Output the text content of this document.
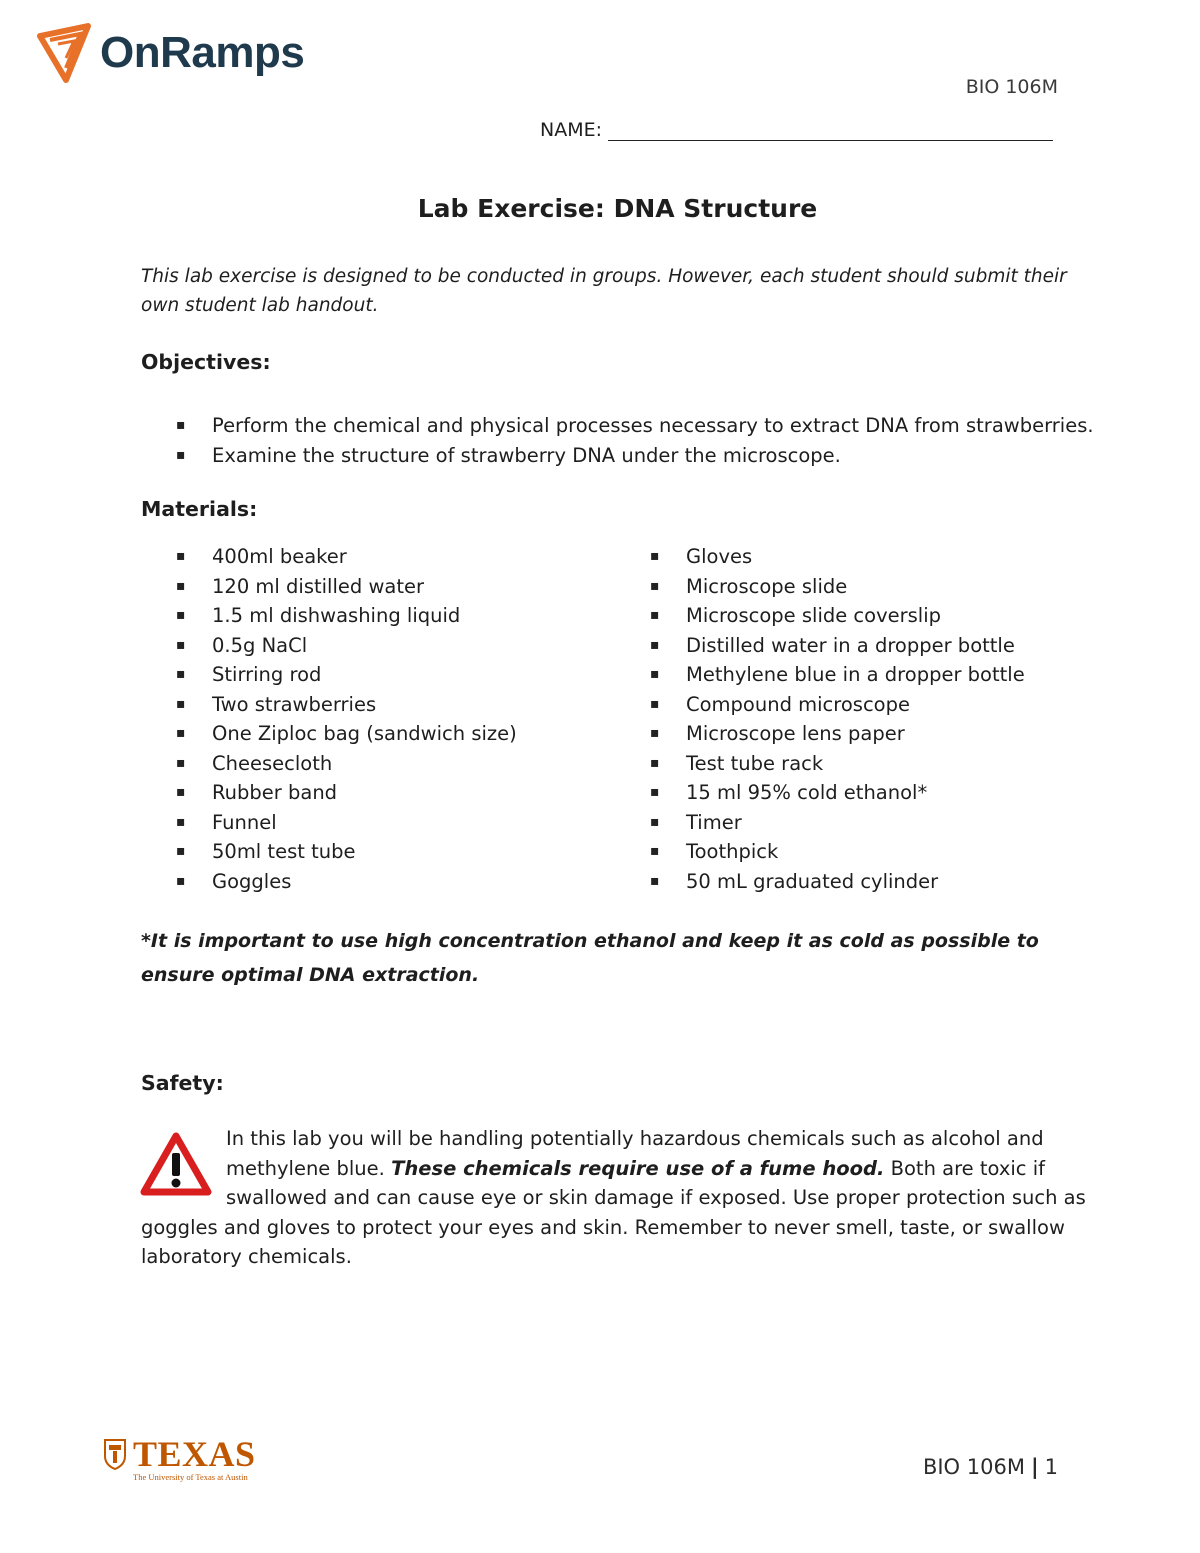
OnRamps
BIO 106M
NAME:
Lab Exercise: DNA Structure

This lab exercise is designed to be conducted in groups. However, each student should submit their own student lab handout.

Objectives:
▪ Perform the chemical and physical processes necessary to extract DNA from strawberries.
▪ Examine the structure of strawberry DNA under the microscope.
Materials:
▪ 400ml beaker
▪ 120 ml distilled water
▪ 1.5 ml dishwashing liquid
▪ 0.5g NaCl
▪ Stirring rod
▪ Two strawberries
▪ One Ziploc bag (sandwich size)
▪ Cheesecloth
▪ Rubber band
▪ Funnel
▪ 50ml test tube
▪ Goggles
▪ Gloves
▪ Microscope slide
▪ Microscope slide coverslip
▪ Distilled water in a dropper bottle
▪ Methylene blue in a dropper bottle
▪ Compound microscope
▪ Microscope lens paper
▪ Test tube rack
▪ 15 ml 95% cold ethanol*
▪ Timer
▪ Toothpick
▪ 50 mL graduated cylinder

*It is important to use high concentration ethanol and keep it as cold as possible to ensure optimal DNA extraction.

Safety:

In this lab you will be handling potentially hazardous chemicals such as alcohol and methylene blue. These chemicals require use of a fume hood. Both are toxic if swallowed and can cause eye or skin damage if exposed. Use proper protection such as goggles and gloves to protect your eyes and skin. Remember to never smell, taste, or swallow laboratory chemicals.

TEXAS
The University of Texas at Austin	BIO 106M | 1
